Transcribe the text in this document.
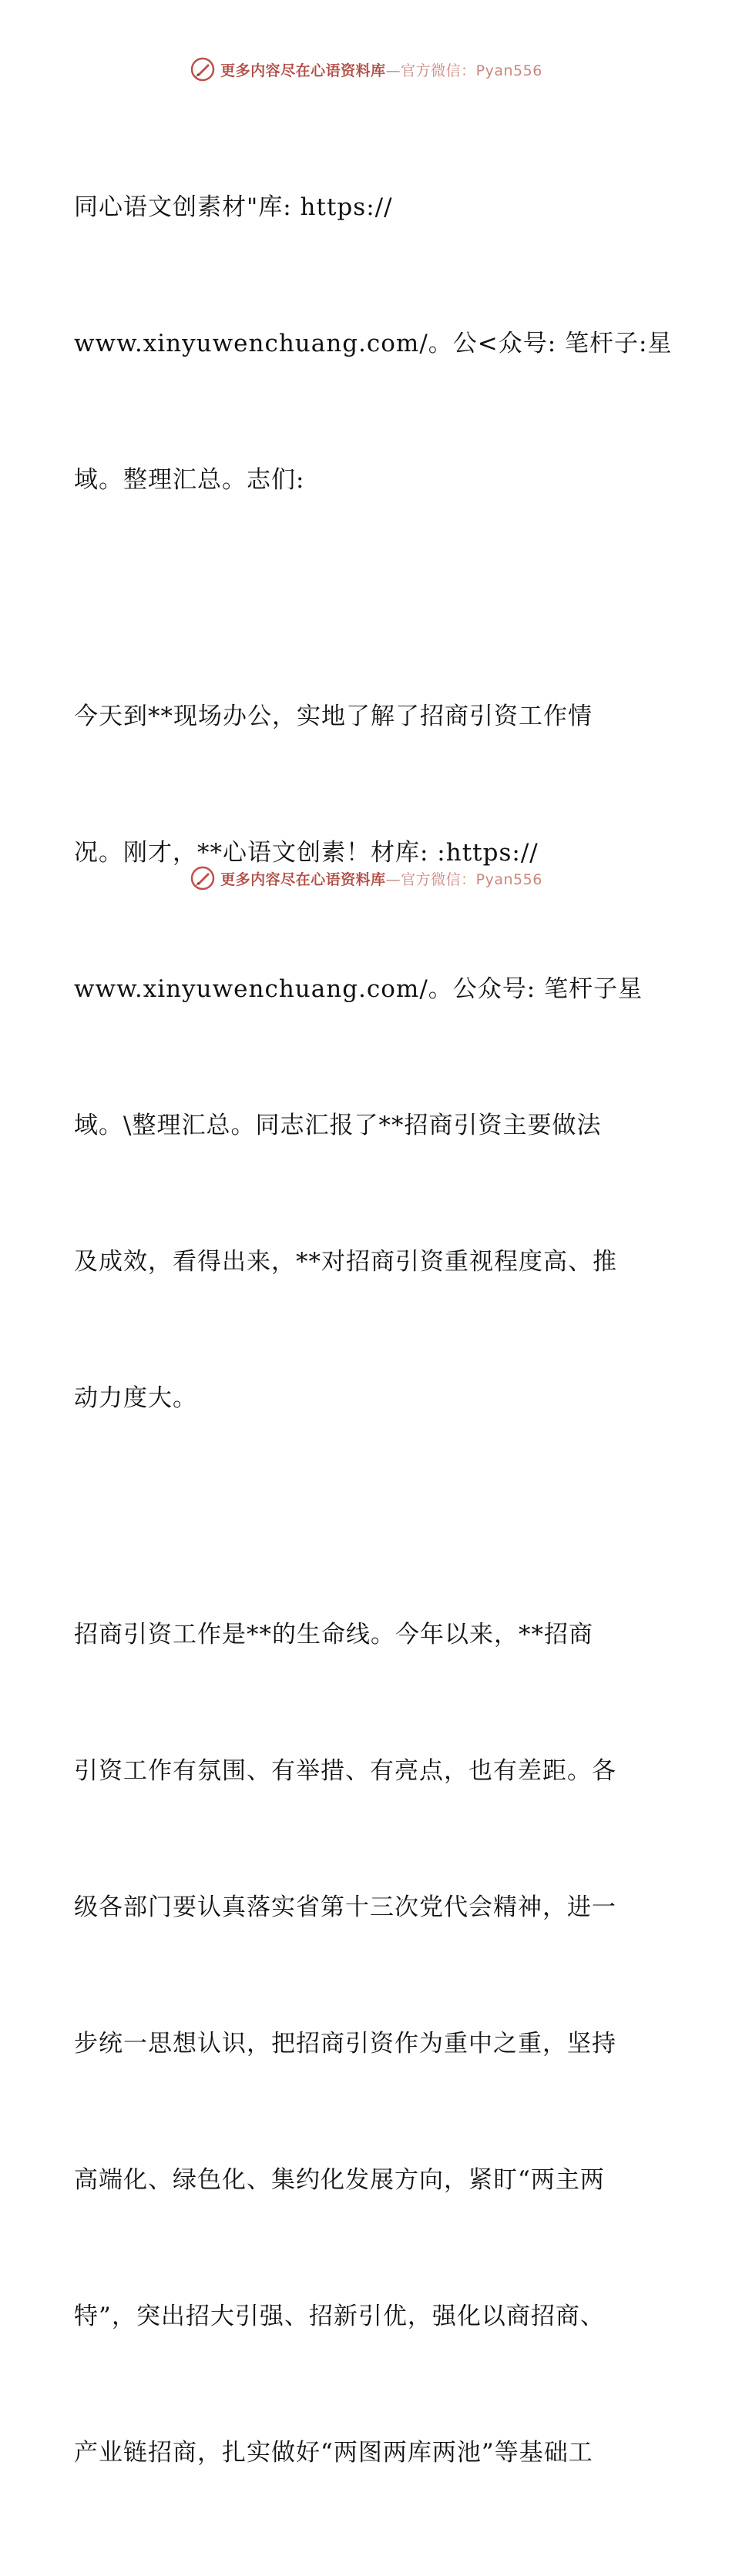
更多内容尽在心语资料库—官方微信：Pyan556

同心语文创素材"库: https://

www.xinyuwenchuang.com/。公<众号: 笔杆子:星

域。整理汇总。志们:

今天到**现场办公，实地了解了招商引资工作情

况。刚才，**心语文创素！材库: :https://

www.xinyuwenchuang.com/。公众号: 笔杆子星

域。\整理汇总。同志汇报了**招商引资主要做法

及成效，看得出来，**对招商引资重视程度高、推

动力度大。

招商引资工作是**的生命线。今年以来，**招商

引资工作有氛围、有举措、有亮点，也有差距。各

级各部门要认真落实省第十三次党代会精神，进一

步统一思想认识，把招商引资作为重中之重，坚持

高端化、绿色化、集约化发展方向，紧盯“两主两

特”，突出招大引强、招新引优，强化以商招商、

产业链招商，扎实做好“两图两库两池”等基础工

更多内容尽在心语资料库—官方微信：Pyan556
